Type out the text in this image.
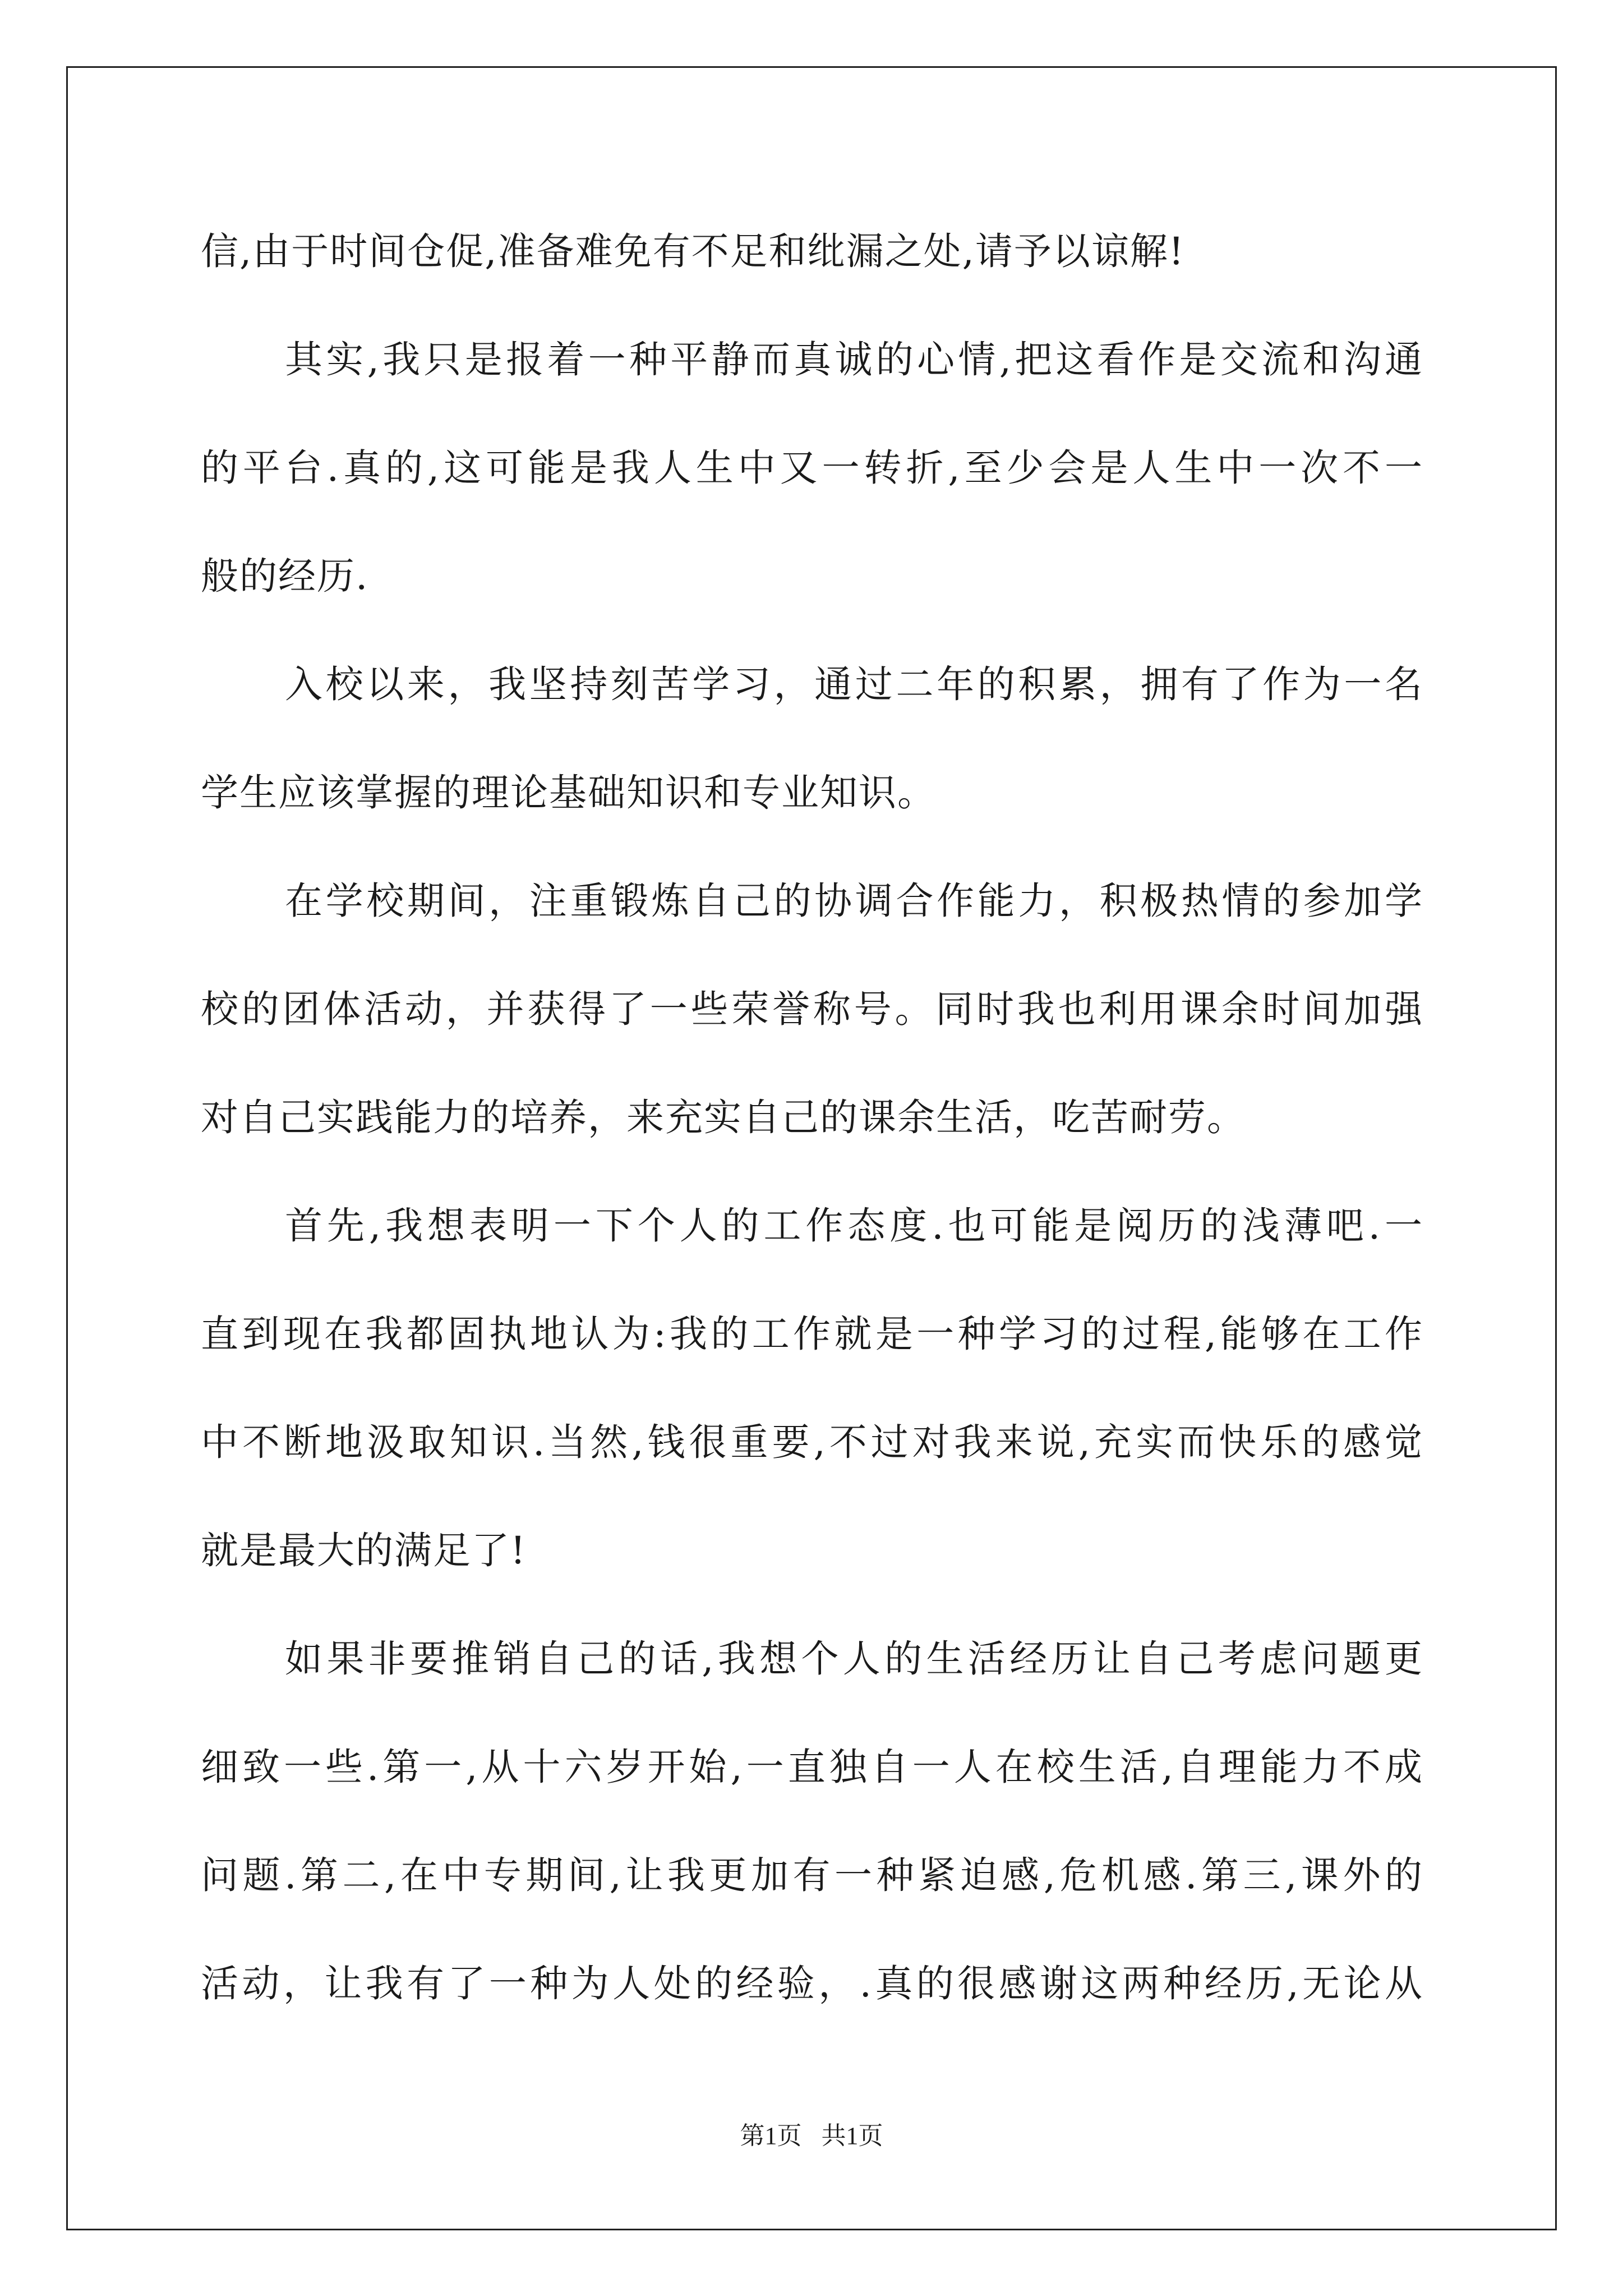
信,由于时间仓促,准备难免有不足和纰漏之处,请予以谅解!
其实,我只是报着一种平静而真诚的心情,把这看作是交流和沟通
的平台.真的,这可能是我人生中又一转折,至少会是人生中一次不一
般的经历.
入校以来，我坚持刻苦学习，通过二年的积累，拥有了作为一名
学生应该掌握的理论基础知识和专业知识。
在学校期间，注重锻炼自己的协调合作能力，积极热情的参加学
校的团体活动，并获得了一些荣誉称号。同时我也利用课余时间加强
对自己实践能力的培养，来充实自己的课余生活，吃苦耐劳。
首先,我想表明一下个人的工作态度.也可能是阅历的浅薄吧.一
直到现在我都固执地认为:我的工作就是一种学习的过程,能够在工作
中不断地汲取知识.当然,钱很重要,不过对我来说,充实而快乐的感觉
就是最大的满足了!
如果非要推销自己的话,我想个人的生活经历让自己考虑问题更
细致一些.第一,从十六岁开始,一直独自一人在校生活,自理能力不成
问题.第二,在中专期间,让我更加有一种紧迫感,危机感.第三,课外的
活动，让我有了一种为人处的经验，.真的很感谢这两种经历,无论从
第1页 共1页
